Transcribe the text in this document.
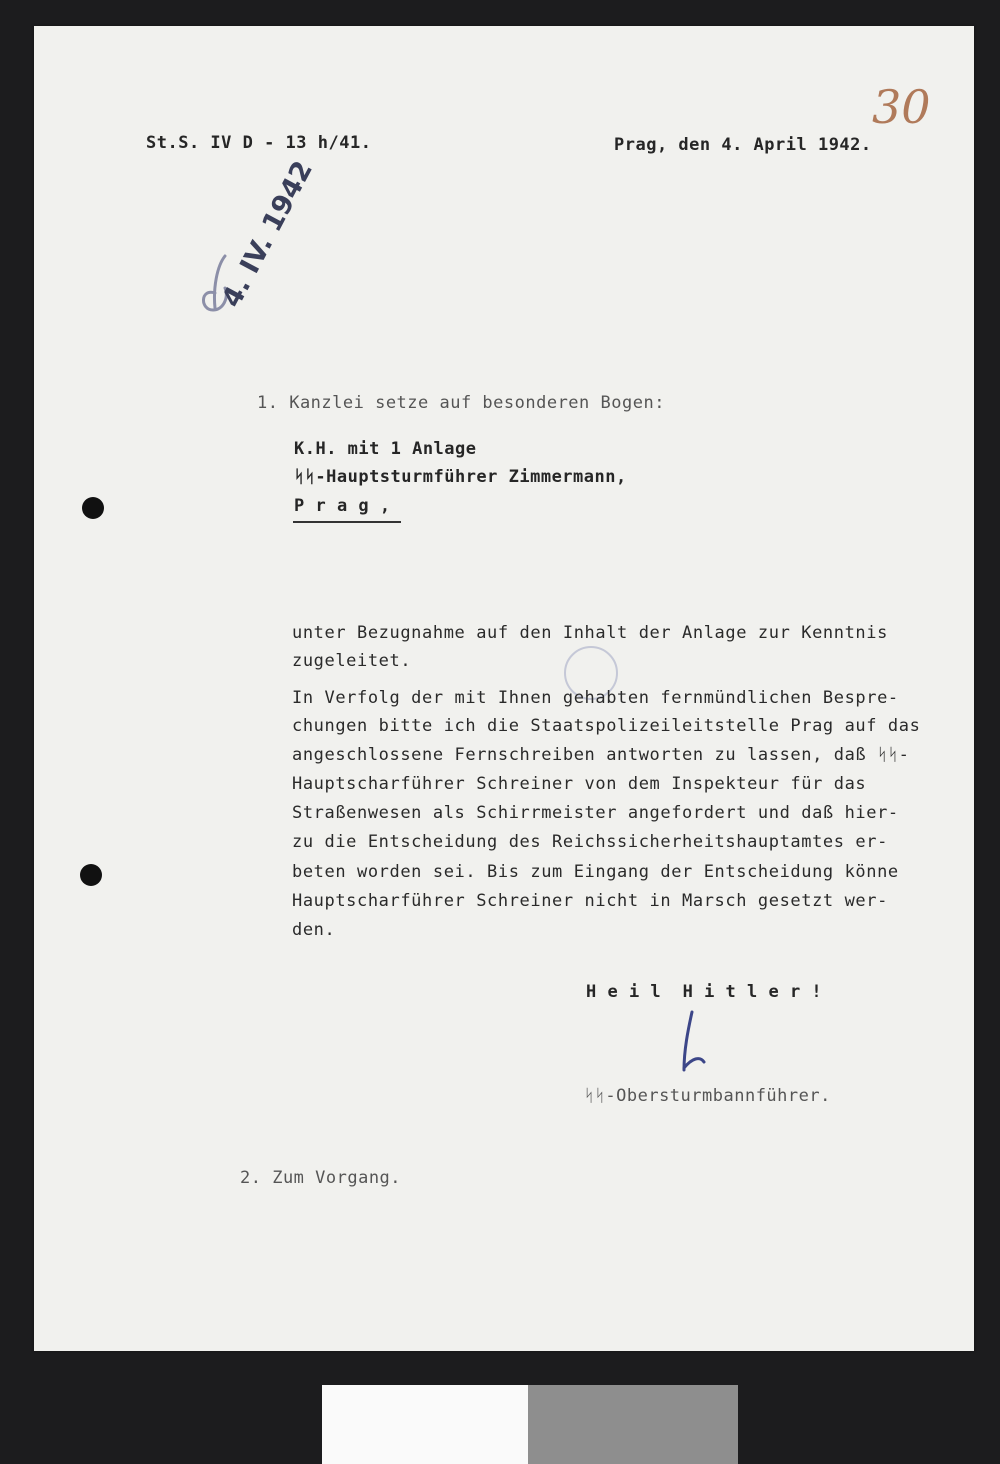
St.S. IV D - 13 h/41.	Prag, den 4. April 1942.
30

4. IV. 1942

1. Kanzlei setze auf besonderen Bogen:
K.H. mit 1 Anlage
ᛋᛋ-Hauptsturmführer Zimmermann,
P r a g ,
unter Bezugnahme auf den Inhalt der Anlage zur Kenntnis
zugeleitet.
In Verfolg der mit Ihnen gehabten fernmündlichen Bespre-
chungen bitte ich die Staatspolizeileitstelle Prag auf das
angeschlossene Fernschreiben antworten zu lassen, daß ᛋᛋ-
Hauptscharführer Schreiner von dem Inspekteur für das
Straßenwesen als Schirrmeister angefordert und daß hier-
zu die Entscheidung des Reichssicherheitshauptamtes er-
beten worden sei. Bis zum Eingang der Entscheidung könne
Hauptscharführer Schreiner nicht in Marsch gesetzt wer-
den.
H e i l  H i t l e r !
ᛋᛋ-Obersturmbannführer.
2. Zum Vorgang.
